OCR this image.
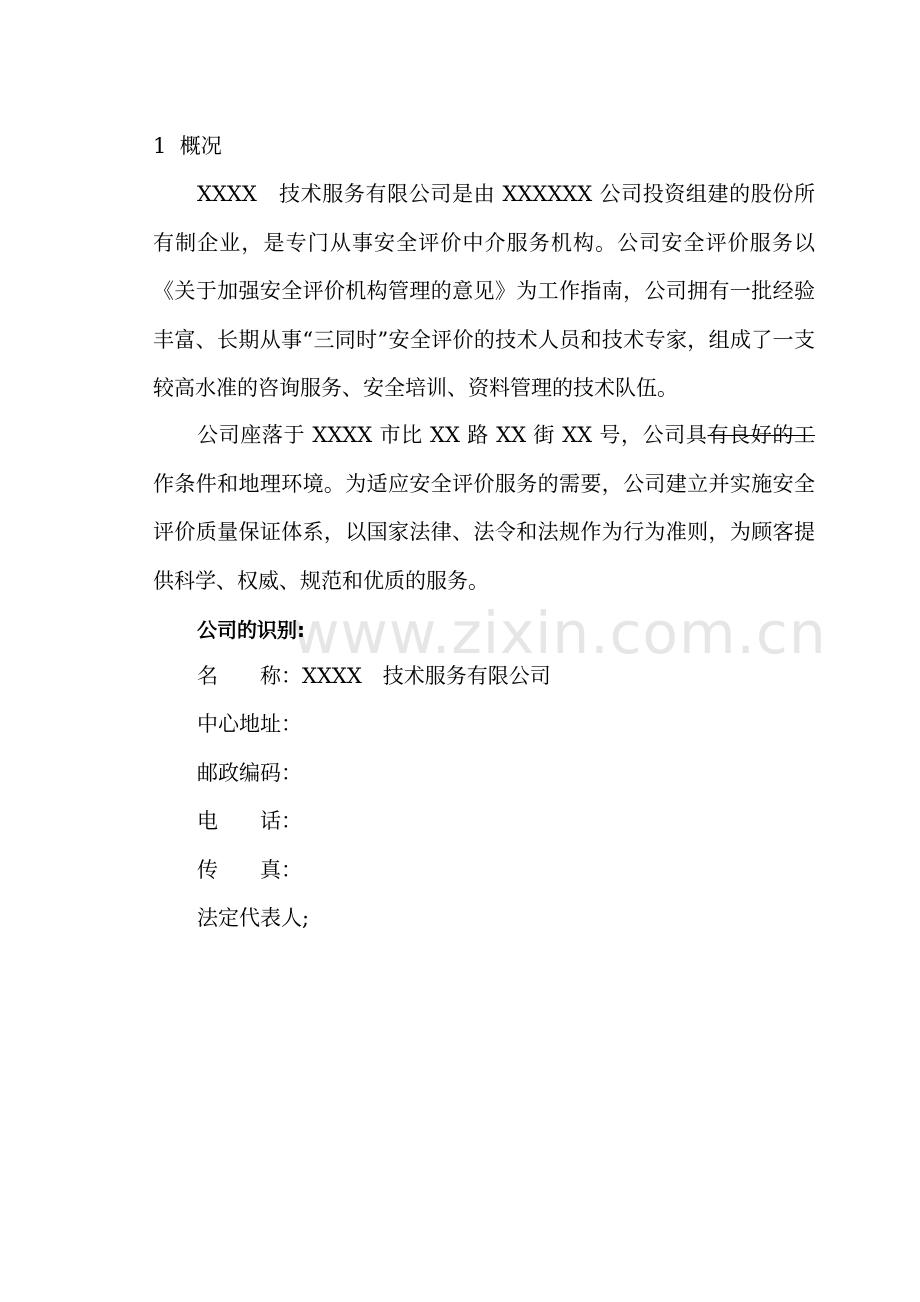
1 概况

XXXX　技术服务有限公司是由 XXXXXX 公司投资组建的股份所有制企业，是专门从事安全评价中介服务机构。公司安全评价服务以《关于加强安全评价机构管理的意见》为工作指南，公司拥有一批经验丰富、长期从事“三同时”安全评价的技术人员和技术专家，组成了一支较高水准的咨询服务、安全培训、资料管理的技术队伍。

公司座落于 XXXX 市比 XX 路 XX 街 XX 号，公司具有良好的工作条件和地理环境。为适应安全评价服务的需要，公司建立并实施安全评价质量保证体系，以国家法律、法令和法规作为行为准则，为顾客提供科学、权威、规范和优质的服务。

www.zixin.com.cn
公司的识别:
名　　称：XXXX　技术服务有限公司
中心地址：
邮政编码：
电　　话：
传　　真：
法定代表人;
